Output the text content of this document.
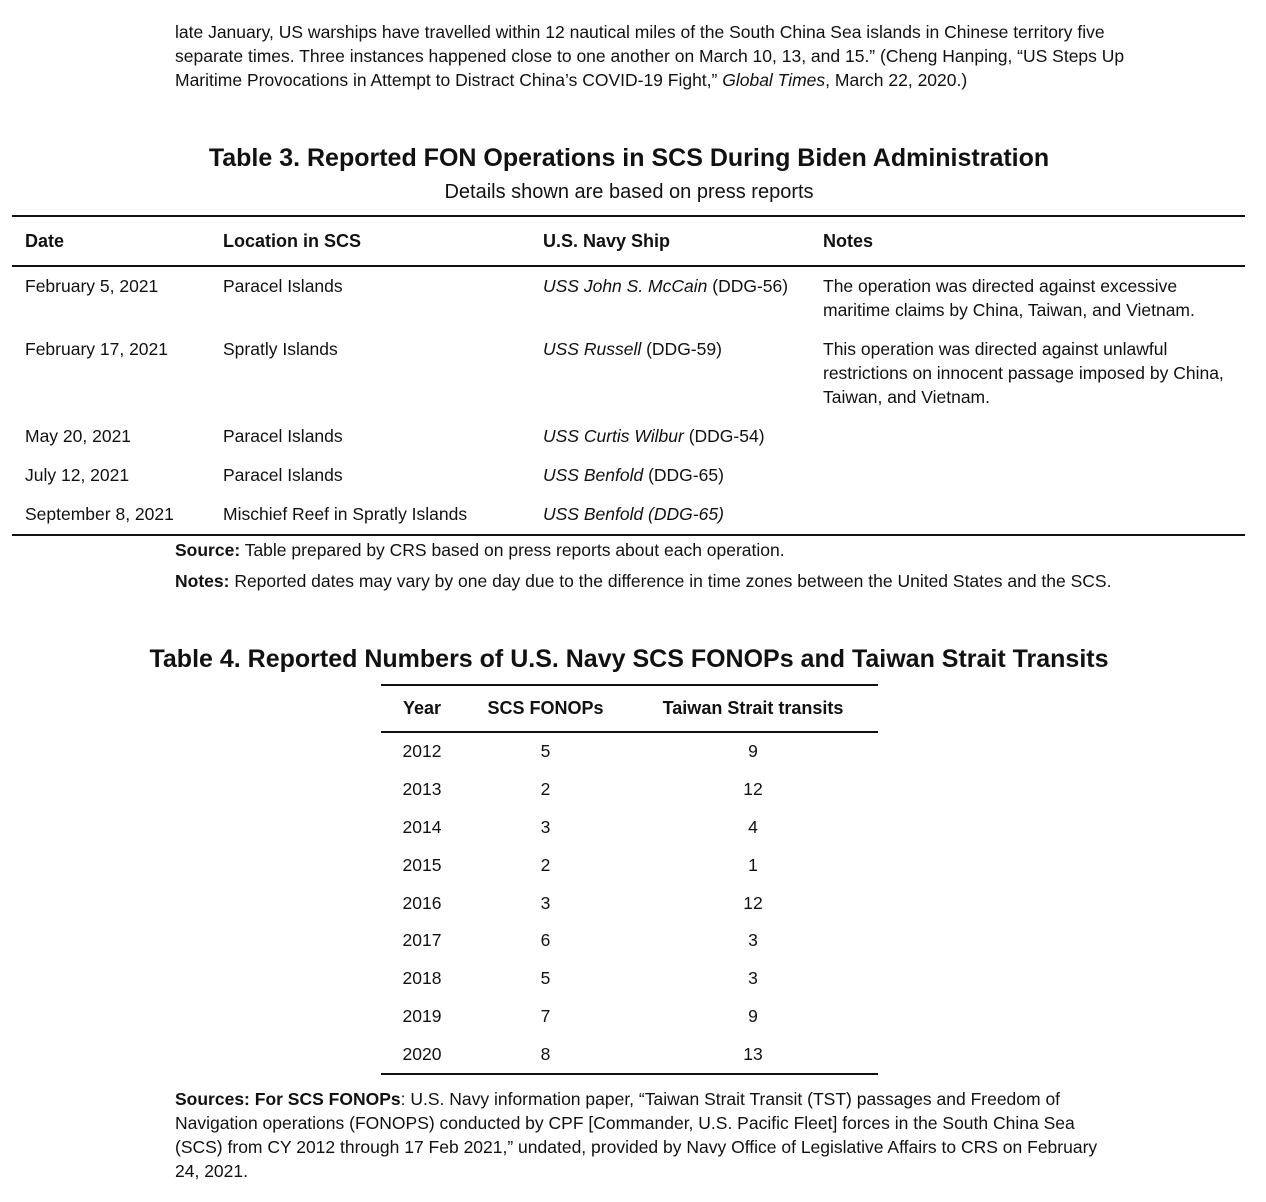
late January, US warships have travelled within 12 nautical miles of the South China Sea islands in Chinese territory five separate times. Three instances happened close to one another on March 10, 13, and 15.” (Cheng Hanping, “US Steps Up Maritime Provocations in Attempt to Distract China’s COVID-19 Fight,” Global Times, March 22, 2020.)
Table 3. Reported FON Operations in SCS During Biden Administration
Details shown are based on press reports
Date	Location in SCS	U.S. Navy Ship	Notes
February 5, 2021	Paracel Islands	USS John S. McCain (DDG-56)	The operation was directed against excessive maritime claims by China, Taiwan, and Vietnam.
February 17, 2021	Spratly Islands	USS Russell (DDG-59)	This operation was directed against unlawful restrictions on innocent passage imposed by China, Taiwan, and Vietnam.
May 20, 2021	Paracel Islands	USS Curtis Wilbur (DDG-54)	
July 12, 2021	Paracel Islands	USS Benfold (DDG-65)	
September 8, 2021	Mischief Reef in Spratly Islands	USS Benfold (DDG-65)	
Source: Table prepared by CRS based on press reports about each operation.
Notes: Reported dates may vary by one day due to the difference in time zones between the United States and the SCS.
Table 4. Reported Numbers of U.S. Navy SCS FONOPs and Taiwan Strait Transits
Year	SCS FONOPs	Taiwan Strait transits
2012	5	9
2013	2	12
2014	3	4
2015	2	1
2016	3	12
2017	6	3
2018	5	3
2019	7	9
2020	8	13
Sources: For SCS FONOPs: U.S. Navy information paper, “Taiwan Strait Transit (TST) passages and Freedom of Navigation operations (FONOPS) conducted by CPF [Commander, U.S. Pacific Fleet] forces in the South China Sea (SCS) from CY 2012 through 17 Feb 2021,” undated, provided by Navy Office of Legislative Affairs to CRS on February 24, 2021.
